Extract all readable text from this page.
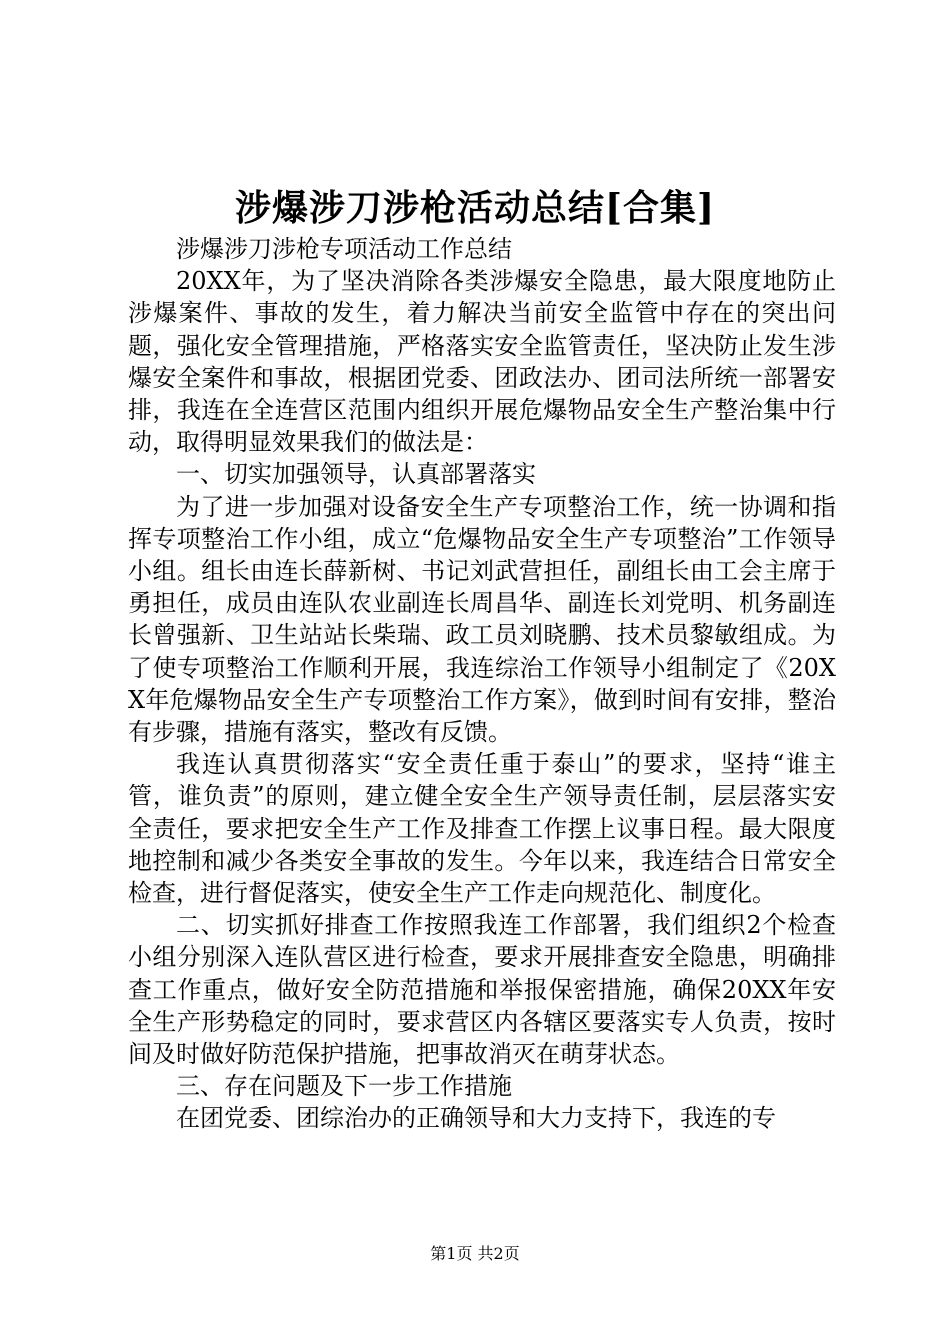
涉爆涉刀涉枪活动总结[合集]

涉爆涉刀涉枪专项活动工作总结

20XX年，为了坚决消除各类涉爆安全隐患，最大限度地防止涉爆案件、事故的发生，着力解决当前安全监管中存在的突出问题，强化安全管理措施，严格落实安全监管责任，坚决防止发生涉爆安全案件和事故，根据团党委、团政法办、团司法所统一部署安排，我连在全连营区范围内组织开展危爆物品安全生产整治集中行动，取得明显效果我们的做法是：

一、切实加强领导，认真部署落实

为了进一步加强对设备安全生产专项整治工作，统一协调和指挥专项整治工作小组，成立“危爆物品安全生产专项整治”工作领导小组。组长由连长薛新树、书记刘武营担任，副组长由工会主席于勇担任，成员由连队农业副连长周昌华、副连长刘党明、机务副连长曾强新、卫生站站长柴瑞、政工员刘晓鹏、技术员黎敏组成。为了使专项整治工作顺利开展，我连综治工作领导小组制定了《20XX年危爆物品安全生产专项整治工作方案》，做到时间有安排，整治有步骤，措施有落实，整改有反馈。

我连认真贯彻落实“安全责任重于泰山”的要求，坚持“谁主管，谁负责”的原则，建立健全安全生产领导责任制，层层落实安全责任，要求把安全生产工作及排查工作摆上议事日程。最大限度地控制和减少各类安全事故的发生。今年以来，我连结合日常安全检查，进行督促落实，使安全生产工作走向规范化、制度化。

二、切实抓好排查工作按照我连工作部署，我们组织2个检查小组分别深入连队营区进行检查，要求开展排查安全隐患，明确排查工作重点，做好安全防范措施和举报保密措施，确保20XX年安全生产形势稳定的同时，要求营区内各辖区要落实专人负责，按时间及时做好防范保护措施，把事故消灭在萌芽状态。

三、存在问题及下一步工作措施

在团党委、团综治办的正确领导和大力支持下，我连的专

第1页 共2页
